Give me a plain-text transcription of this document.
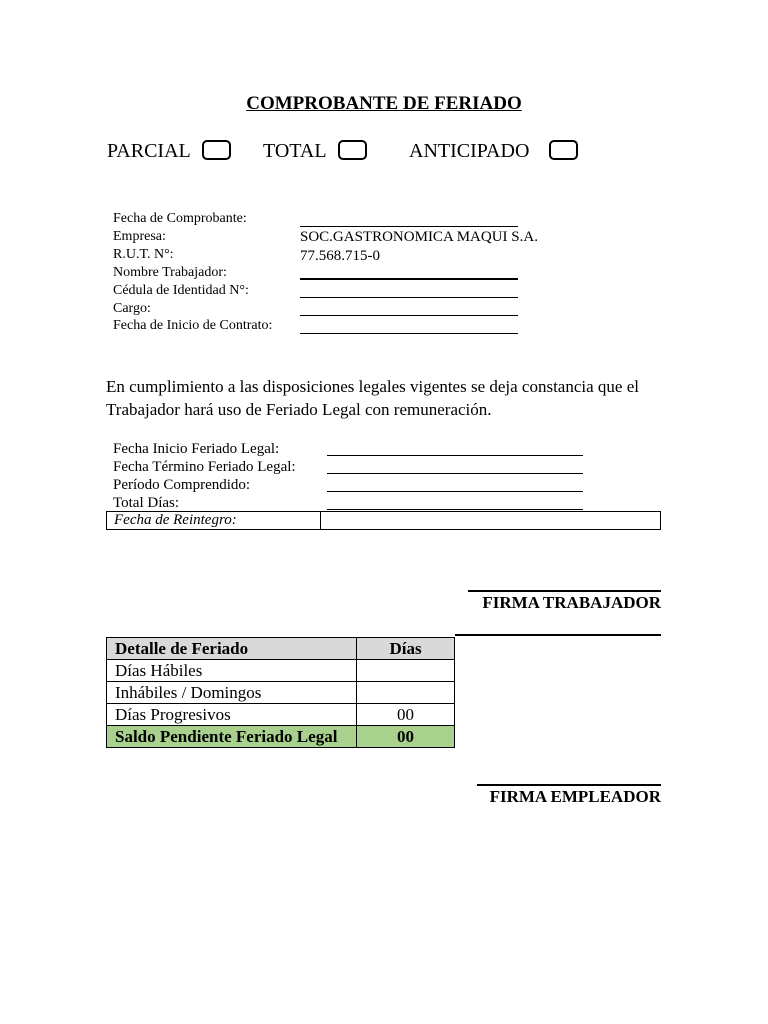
COMPROBANTE DE FERIADO
PARCIAL	TOTAL	ANTICIPADO
Fecha de Comprobante:
Empresa:	SOC.GASTRONOMICA MAQUI S.A.
R.U.T. N°:	77.568.715-0
Nombre Trabajador:
Cédula de Identidad N°:
Cargo:
Fecha de Inicio de Contrato:
En cumplimiento a las disposiciones legales vigentes se deja constancia que el Trabajador hará uso de Feriado Legal con remuneración.
Fecha Inicio Feriado Legal:
Fecha Término Feriado Legal:
Período Comprendido:
Total Días:
Fecha de Reintegro:
FIRMA TRABAJADOR
Detalle de Feriado	Días
Días Hábiles	
Inhábiles / Domingos	
Días Progresivos	00
Saldo Pendiente Feriado Legal	00
FIRMA EMPLEADOR
